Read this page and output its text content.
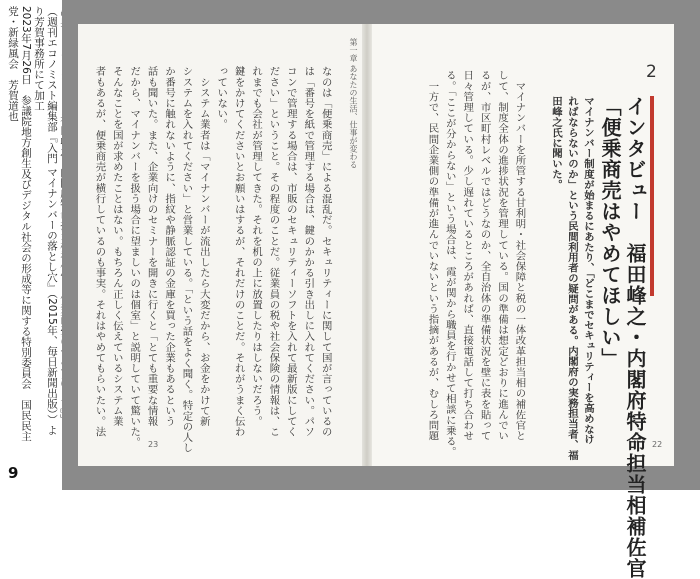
（週刊エコノミスト編集部『入門 マイナンバーの落とし穴』（2015年、毎日新聞出版））よ
り芳賀事務所にて加工
2023年7月26日　参議院地方創生及びデジタル社会の形成等に関する特別委員会　国民民主
党・新緑風会　芳賀道也
9
第一章 あなたの生活、仕事が変わる	2
インタビュー　福田峰之・内閣府特命担当相補佐官
「便乗商売はやめてほしい」
マイナンバー制度が始まるにあたり、「どこまでセキュリティーを高めなけ
ればならないのか」という民間利用者の疑問がある。内閣府の実務担当者、福
田峰之氏に聞いた。
　マイナンバーを所管する甘利明・社会保障と税の一体改革担当相の補佐官と
して、制度全体の進捗状況を管理している。国の準備は想定どおりに進んでい
るが、市区町村レベルではどうなのか、全自治体の準備状況を壁に表を貼って
日々管理している。少し遅れているところがあれば、直接電話して打ち合わせ
る。「ここが分からない」という場合は、霞が関から職員を行かせて相談に乗る。
　一方で、民間企業側の準備が進んでいないという指摘があるが、むしろ問題
なのは「便乗商売」による混乱だ。セキュリティーに関して国が言っているの
は「番号を紙で管理する場合は、鍵のかかる引き出しに入れてください。パソ
コンで管理する場合は、市販のセキュリティーソフトを入れて最新版にしてく
ださい」ということ。その程度のことだ。従業員の税や社会保険の情報は、こ
れまでも会社が管理してきた。それを机の上に放置したりはしないだろう。
鍵をかけてくださいとお願いはするが、それだけのことだ。それがうまく伝わ
っていない。
　システム業者は「マイナンバーが流出したら大変だから、お金をかけて新
システムを入れてください」と営業している。「という話をよく聞く。特定の人し
か番号に触れないように、指紋や静脈認証の金庫を買った企業もあるという
話も聞いた。また、企業向けのセミナーを開きに行くと「とても重要な情報
だから、マイナンバーを扱う場合に望ましいのは個室」と説明していて驚いた。
そんなことを国が求めたことはない。もちろん正しく伝えているシステム業
者もあるが、便乗商売が横行しているのも事実。それはやめてもらいたい。法
23	22
